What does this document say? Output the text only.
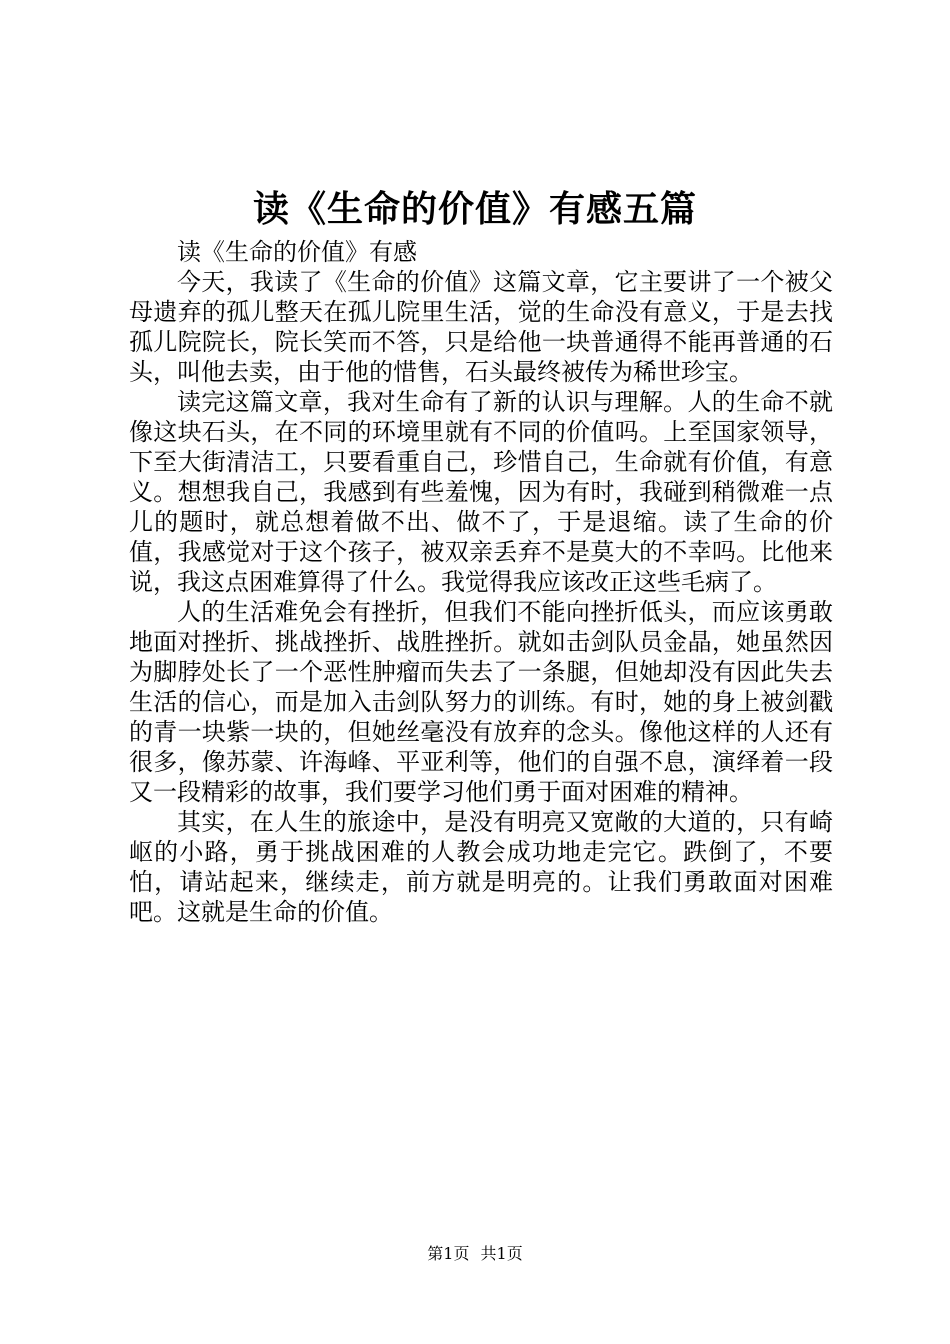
读《生命的价值》有感五篇

读《生命的价值》有感

今天，我读了《生命的价值》这篇文章，它主要讲了一个被父母遗弃的孤儿整天在孤儿院里生活，觉的生命没有意义，于是去找孤儿院院长，院长笑而不答，只是给他一块普通得不能再普通的石头，叫他去卖，由于他的惜售，石头最终被传为稀世珍宝。

读完这篇文章，我对生命有了新的认识与理解。人的生命不就像这块石头，在不同的环境里就有不同的价值吗。上至国家领导，下至大街清洁工，只要看重自己，珍惜自己，生命就有价值，有意义。想想我自己，我感到有些羞愧，因为有时，我碰到稍微难一点儿的题时，就总想着做不出、做不了，于是退缩。读了生命的价值，我感觉对于这个孩子，被双亲丢弃不是莫大的不幸吗。比他来说，我这点困难算得了什么。我觉得我应该改正这些毛病了。

人的生活难免会有挫折，但我们不能向挫折低头，而应该勇敢地面对挫折、挑战挫折、战胜挫折。就如击剑队员金晶，她虽然因为脚脖处长了一个恶性肿瘤而失去了一条腿，但她却没有因此失去生活的信心，而是加入击剑队努力的训练。有时，她的身上被剑戳的青一块紫一块的，但她丝毫没有放弃的念头。像他这样的人还有很多，像苏蒙、许海峰、平亚利等，他们的自强不息，演绎着一段又一段精彩的故事，我们要学习他们勇于面对困难的精神。

其实，在人生的旅途中，是没有明亮又宽敞的大道的，只有崎岖的小路，勇于挑战困难的人教会成功地走完它。跌倒了，不要怕，请站起来，继续走，前方就是明亮的。让我们勇敢面对困难吧。这就是生命的价值。

第1页 共1页
